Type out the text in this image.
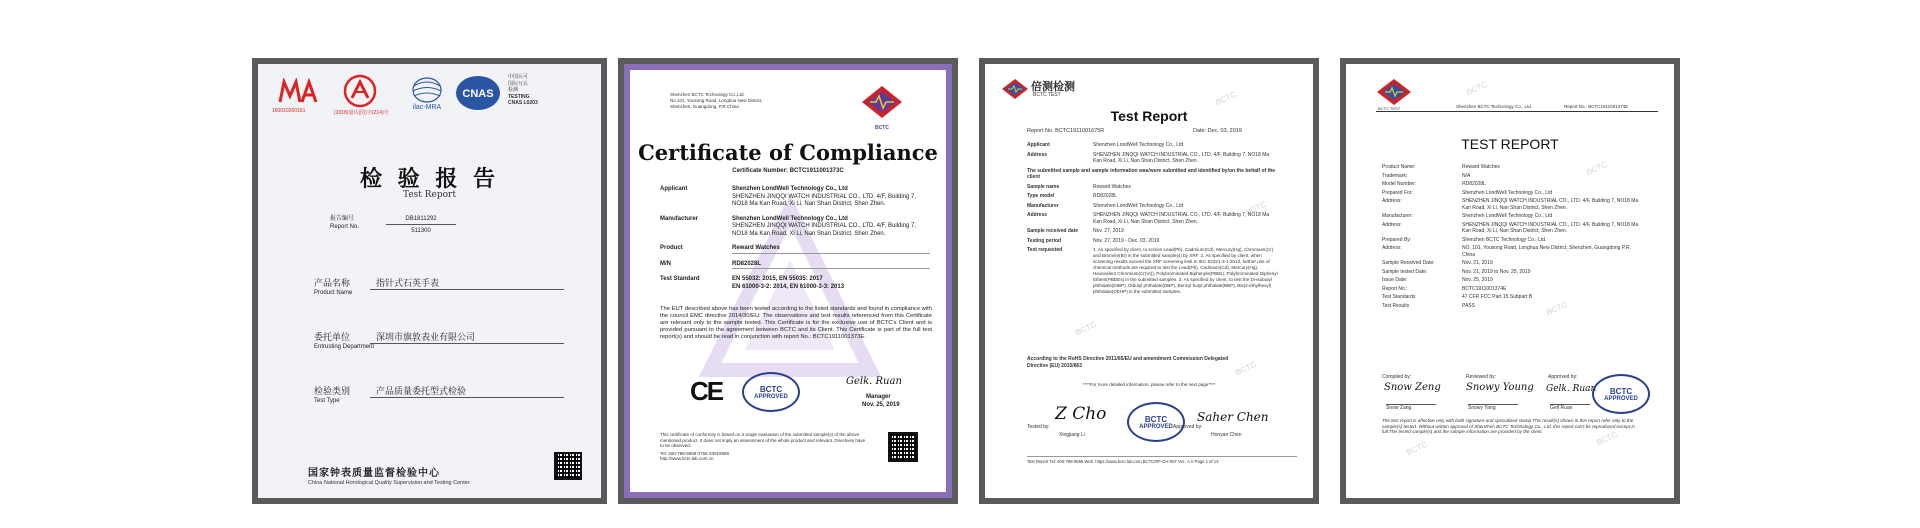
160010260151	(2018)量认(国)字(Z14)号
ilac-MRA
CNAS
中国认可
国际互认
检测
TESTING
CNAS L0203
检 验 报 告
Test Report
报告编号
Report No.
DB1811292
511300
产品名称	指针式石英手表
Product Name
委托单位	深圳市旗敦表业有限公司
Entrusting Department
检验类别	产品质量委托型式检验
Test Type
国家钟表质量监督检验中心
China National Horological Quality Supervision and Testing Center
Shenzhen BCTC Technology Co.,Ltd.
No.101, Yousong Road, Longhua New District,
Shenzhen, Guangdong, P.R.China
BCTC
Certificate of Compliance
Certificate Number: BCTC1911001373C
Applicant	Shenzhen LondWell Technology Co., Ltd
SHENZHEN JINQQI WATCH INDUSTRIAL CO., LTD. 4/F, Building 7, NO18 Ma Kan Road, Xi Li, Nan Shan District, Shen Zhen.
Manufacturer	Shenzhen LondWell Technology Co., Ltd
SHENZHEN JINQQI WATCH INDUSTRIAL CO., LTD. 4/F, Building 7, NO18 Ma Kan Road, Xi Li, Nan Shan District, Shen Zhen.
Product	Reward Watches
M/N	RD82028L
Test Standard	EN 55032: 2015, EN 55035: 2017
EN 61000-3-2: 2014, EN 61000-3-3: 2013
The EUT described above has been tested according to the listed standards and found in compliance with the council EMC directive 2014/30/EU. The observations and test results referenced from this Certificate are relevant only to the sample tested. This Certificate is for the exclusive use of BCTC's Client and is provided pursuant to the agreement between BCTC and its Client. This Certificate is part of the full test report(s) and should be read in conjunction with report No.: BCTC1911001373E.
CE	BCTC
APPROVED
Gelk. Ruan
Manager
Nov. 25, 2019
This certificate of conformity is based on a single evaluation of the submitted sample(s) of the above mentioned product. It does not imply an assessment of the whole product and relevant. Directives have to be observed.
Tel: 400-788-9558 0755-33019988
http://www.bctc-lab.com.cn
BCTC
BCTC
BCTC
BCTC
倍测检测
BCTC TEST
Test Report
Report No. BCTC1911001675R	Date: Dec. 03, 2019
Applicant	Shenzhen LondWell Technology Co., Ltd
Address	SHENZHEN JINQQI WATCH INDUSTRIAL CO., LTD. 4/F, Building 7, NO18 Ma Kan Road, Xi Li, Nan Shan District, Shen Zhen.
The submitted sample and sample information was/were submitted and identified by/on the behalf of the client
Sample name	Reward Watches
Type model	RD82028L
Manufacturer	Shenzhen LondWell Technology Co., Ltd
Address	SHENZHEN JINQQI WATCH INDUSTRIAL CO., LTD. 4/F, Building 7, NO18 Ma Kan Road, Xi Li, Nan Shan District, Shen Zhen.
Sample received date	Nov. 27, 2019
Testing period	Nov. 27, 2019 - Dec. 03, 2019
Test requested	1. As specified by client, to screen Lead(Pb), Cadmium(Cd), Mercury(Hg), Chromium(Cr) and Bromine(Br) in the submitted sample(s) by XRF. 2. As specified by client, when screening results exceed the XRF screening limit in IEC 62321-3-1:2013, further use of chemical methods are required to test the Lead(Pb), Cadmium(Cd), Mercury(Hg), Hexavalent Chromium(Cr(VI)), Polybrominated Biphenyls(PBBs), Polybrominated Diphenyl Ethers(PBDEs) in the submitted samples. 3. As specified by client, to test the Di-isobutyl phthalate(DIBP), Dibutyl phthalate(DBP), Benzyl butyl phthalate(BBP), Bis(2-ethylhexyl) phthalate(DEHP) in the submitted samples.
According to the RoHS Directive 2011/65/EU and amendment Commission Delegated Directive (EU) 2015/863
****For more detailed information, please refer to the next page****
Tested by:
Z Cho
Xingjiang Li
BCTC
APPROVED Approved by:
Saher Chen
Honyan Chen
Test Report Tel: 400-788-9558 Web: https://www.bctc-lab.com BCTC/RF-CH-007 Ver.: A.0 Page 1 of 13
BCTC
BCTC
BCTC
BCTC
BCTC
BCTC TEST	Shenzhen BCTC Technology Co., Ltd.	Report No.: BCTC1911001374E
TEST REPORT
Product Name:	Reward Watches
Trademark:	N/A
Model Number:	RD82028L
Prepared For:	Shenzhen LondWell Technology Co., Ltd
Address:	SHENZHEN JINQQI WATCH INDUSTRIAL CO., LTD. 4/F, Building 7, NO18 Ma Kan Road, Xi Li, Nan Shan District, Shen Zhen.
Manufacturer:	Shenzhen LondWell Technology Co., Ltd
Address:	SHENZHEN JINQQI WATCH INDUSTRIAL CO., LTD. 4/F, Building 7, NO18 Ma Kan Road, Xi Li, Nan Shan District, Shen Zhen.
Prepared By:	Shenzhen BCTC Technology Co., Ltd.
Address:	NO. 101, Yousong Road, Longhua New District, Shenzhen, Guangdong P.R. China
Sample Received Date:	Nov. 21, 2019
Sample tested Date:	Nov. 21, 2019 to Nov. 25, 2019
Issue Date:	Nov. 25, 2019
Report No.:	BCTC1911001374E
Test Standards	47 CFR FCC Part 15 Subpart B
Test Results	PASS
Compiled by:
Snow Zeng
Snow Zang
Reviewed by:
Snowy Young
Snowy Yang
Approved by:
Gelk. Ruan
Gelf Ruan
BCTC
APPROVED
The test report is effective only with both signature and specialized stamp This result(s) shown in this report refer only to the sample(s) tested. Without written approval of Shenzhen BCTC Technology Co., Ltd, this report can't be reproduced except in full.The tested sample(s) and the sample information are provided by the client.
